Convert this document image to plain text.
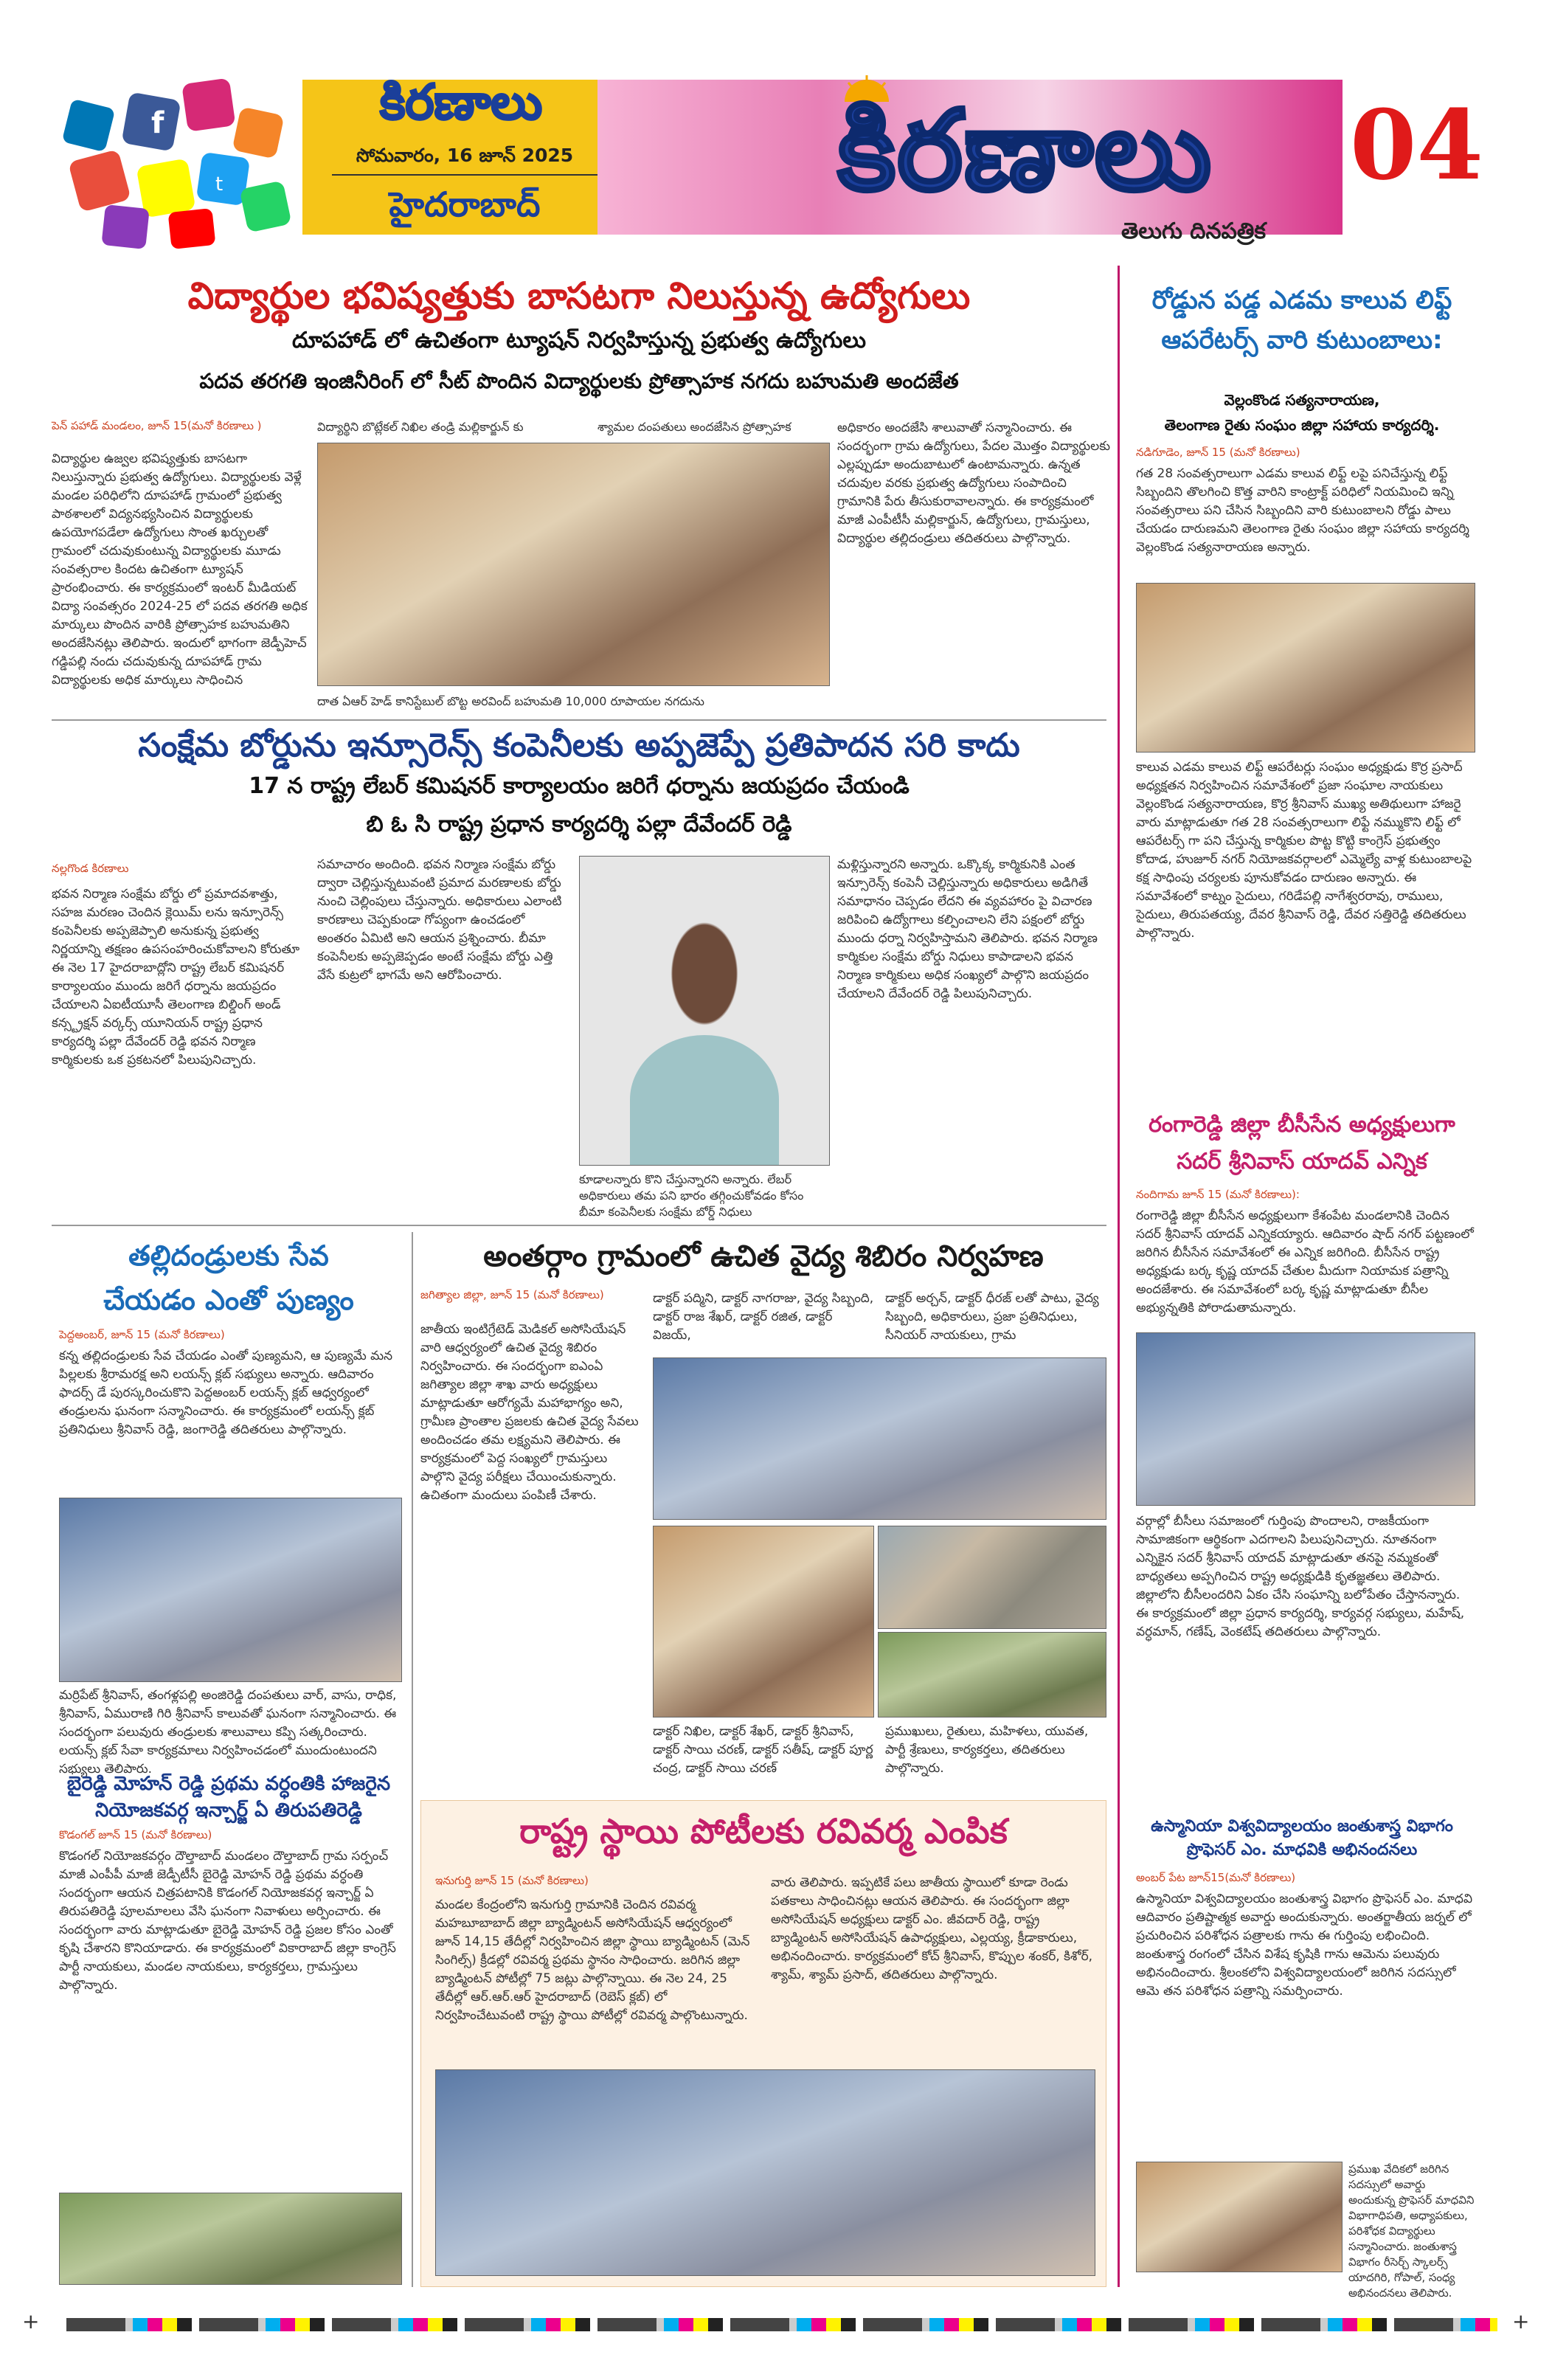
f
t
కిరణాలు
సోమవారం, 16 జూన్ 2025
హైదరాబాద్	కిరణాలు
తెలుగు దినపత్రిక
04
విద్యార్థుల భవిష్యత్తుకు బాసటగా నిలుస్తున్న ఉద్యోగులు
దూపహాడ్ లో ఉచితంగా ట్యూషన్ నిర్వహిస్తున్న ప్రభుత్వ ఉద్యోగులు
పదవ తరగతి ఇంజినీరింగ్ లో సీట్ పొందిన విద్యార్థులకు ప్రోత్సాహక నగదు బహుమతి అందజేత
పెన్ పహాడ్ మండలం, జూన్ 15(మనో కిరణాలు )
విద్యార్థుల ఉజ్వల భవిష్యత్తుకు బాసటగా నిలుస్తున్నారు ప్రభుత్వ ఉద్యోగులు. విద్యార్థులకు వెళ్లే మండల పరిధిలోని దూపహాడ్ గ్రామంలో ప్రభుత్వ పాఠశాలలో విద్యనభ్యసించిన విద్యార్థులకు ఉపయోగపడేలా ఉద్యోగులు సొంత ఖర్చులతో గ్రామంలో చదువుకుంటున్న విద్యార్థులకు మూడు సంవత్సరాల కిందట ఉచితంగా ట్యూషన్ ప్రారంభించారు. ఈ కార్యక్రమంలో ఇంటర్ మీడియట్ విద్యా సంవత్సరం 2024-25 లో పదవ తరగతి అధిక మార్కులు పొందిన వారికి ప్రోత్సాహక బహుమతిని అందజేసినట్లు తెలిపారు. ఇందులో భాగంగా జెడ్పీహెచ్ గడ్డిపల్లి నందు చదువుకున్న దూపహాడ్ గ్రామ విద్యార్థులకు అధిక మార్కులు సాధించిన
విద్యార్థిని బొట్లేకల్ నిఖిల తండ్రి మల్లికార్జున్ కు	శ్యామల దంపతులు అందజేసిన ప్రోత్సాహక
దాత ఏఆర్ హెడ్ కానిస్టేబుల్ బొట్ట అరవింద్ బహుమతి 10,000 రూపాయల నగదును
అధికారం అందజేసి శాలువాతో సన్మానించారు. ఈ సందర్భంగా గ్రామ ఉద్యోగులు, పేదల మొత్తం విద్యార్థులకు ఎల్లప్పుడూ అందుబాటులో ఉంటామన్నారు. ఉన్నత చదువుల వరకు ప్రభుత్వ ఉద్యోగులు సంపాదించి గ్రామానికి పేరు తీసుకురావాలన్నారు. ఈ కార్యక్రమంలో మాజీ ఎంపీటీసీ మల్లికార్జున్, ఉద్యోగులు, గ్రామస్తులు, విద్యార్థుల తల్లిదండ్రులు తదితరులు పాల్గొన్నారు.
సంక్షేమ బోర్డును ఇన్సూరెన్స్ కంపెనీలకు అప్పజెప్పే ప్రతిపాదన సరి కాదు
17 న రాష్ట్ర లేబర్ కమిషనర్ కార్యాలయం జరిగే ధర్నాను జయప్రదం చేయండి
బి ఓ సి రాష్ట్ర ప్రధాన కార్యదర్శి పల్లా దేవేందర్ రెడ్డి
నల్లగొండ కిరణాలు
భవన నిర్మాణ సంక్షేమ బోర్డు లో ప్రమాదవశాత్తు, సహజ మరణం చెందిన క్లెయిమ్ లను ఇన్సూరెన్స్ కంపెనీలకు అప్పజెప్పాలి అనుకున్న ప్రభుత్వ నిర్ణయాన్ని తక్షణం ఉపసంహరించుకోవాలని కోరుతూ ఈ నెల 17 హైదరాబాద్లోని రాష్ట్ర లేబర్ కమిషనర్ కార్యాలయం ముందు జరిగే ధర్నాను జయప్రదం చేయాలని ఏఐటీయూసీ తెలంగాణ బిల్డింగ్ అండ్ కన్స్ట్రక్షన్ వర్కర్స్ యూనియన్ రాష్ట్ర ప్రధాన కార్యదర్శి పల్లా దేవేందర్ రెడ్డి భవన నిర్మాణ కార్మికులకు ఒక ప్రకటనలో పిలుపునిచ్చారు.
సమాచారం అందింది. భవన నిర్మాణ సంక్షేమ బోర్డు ద్వారా చెల్లిస్తున్నటువంటి ప్రమాద మరణాలకు బోర్డు నుంచి చెల్లింపులు చేస్తున్నారు. అధికారులు ఎలాంటి కారణాలు చెప్పకుండా గోప్యంగా ఉంచడంలో అంతరం ఏమిటి అని ఆయన ప్రశ్నించారు. బీమా కంపెనీలకు అప్పజెప్పడం అంటే సంక్షేమ బోర్డు ఎత్తి వేసే కుట్రలో భాగమే అని ఆరోపించారు.
కూడాలన్నారు కొని చేస్తున్నారని అన్నారు. లేబర్ అధికారులు తమ పని భారం తగ్గించుకోవడం కోసం బీమా కంపెనీలకు సంక్షేమ బోర్డ్ నిధులు
మళ్లిస్తున్నారని అన్నారు. ఒక్కొక్క కార్మికునికి ఎంత ఇన్సూరెన్స్ కంపెనీ చెల్లిస్తున్నారు అధికారులు అడిగితే సమాధానం చెప్పడం లేదని ఈ వ్యవహారం పై విచారణ జరిపించి ఉద్యోగాలు కల్పించాలని లేని పక్షంలో బోర్డు ముందు ధర్నా నిర్వహిస్తామని తెలిపారు. భవన నిర్మాణ కార్మికుల సంక్షేమ బోర్డు నిధులు కాపాడాలని భవన నిర్మాణ కార్మికులు అధిక సంఖ్యలో పాల్గొని జయప్రదం చేయాలని దేవేందర్ రెడ్డి పిలుపునిచ్చారు.
తల్లిదండ్రులకు సేవ
చేయడం ఎంతో పుణ్యం
పెద్దఅంబర్, జూన్ 15 (మనో కిరణాలు)
కన్న తల్లిదండ్రులకు సేవ చేయడం ఎంతో పుణ్యమని, ఆ పుణ్యమే మన పిల్లలకు శ్రీరామరక్ష అని లయన్స్ క్లబ్ సభ్యులు అన్నారు. ఆదివారం ఫాదర్స్ డే పురస్కరించుకొని పెద్దఅంబర్ లయన్స్ క్లబ్ ఆధ్వర్యంలో తండ్రులను ఘనంగా సన్మానించారు. ఈ కార్యక్రమంలో లయన్స్ క్లబ్ ప్రతినిధులు శ్రీనివాస్ రెడ్డి, జంగారెడ్డి తదితరులు పాల్గొన్నారు.
మర్రిపేట్ శ్రీనివాస్, తంగళ్లపల్లి అంజిరెడ్డి దంపతులు వార్, వాసు, రాధిక, శ్రీనివాస్, ఏమురాణి గిరి శ్రీనివాస్ కాలువతో ఘనంగా సన్మానించారు. ఈ సందర్భంగా పలువురు తండ్రులకు శాలువాలు కప్పి సత్కరించారు. లయన్స్ క్లబ్ సేవా కార్యక్రమాలు నిర్వహించడంలో ముందుంటుందని సభ్యులు తెలిపారు.
బైరెడ్డి మోహన్ రెడ్డి ప్రథమ వర్ధంతికి హాజరైన నియోజకవర్గ ఇన్చార్జ్ ఏ తిరుపతిరెడ్డి
కొడంగల్ జూన్ 15 (మనో కిరణాలు)
కొడంగల్ నియోజకవర్గం దౌల్తాబాద్ మండలం దౌల్తాబాద్ గ్రామ సర్పంచ్ మాజీ ఎంపీపీ మాజీ జెడ్పీటీసీ బైరెడ్డి మోహన్ రెడ్డి ప్రథమ వర్ధంతి సందర్భంగా ఆయన చిత్రపటానికి కొడంగల్ నియోజకవర్గ ఇన్చార్జ్ ఏ తిరుపతిరెడ్డి పూలమాలలు వేసి ఘనంగా నివాళులు అర్పించారు. ఈ సందర్భంగా వారు మాట్లాడుతూ బైరెడ్డి మోహన్ రెడ్డి ప్రజల కోసం ఎంతో కృషి చేశారని కొనియాడారు. ఈ కార్యక్రమంలో వికారాబాద్ జిల్లా కాంగ్రెస్ పార్టీ నాయకులు, మండల నాయకులు, కార్యకర్తలు, గ్రామస్తులు పాల్గొన్నారు.
అంతర్గాం గ్రామంలో ఉచిత వైద్య శిబిరం నిర్వహణ
జగిత్యాల జిల్లా, జూన్ 15 (మనో కిరణాలు)
జాతీయ ఇంటిగ్రేటెడ్ మెడికల్ అసోసియేషన్ వారి ఆధ్వర్యంలో ఉచిత వైద్య శిబిరం నిర్వహించారు. ఈ సందర్భంగా ఐఎంఏ జగిత్యాల జిల్లా శాఖ వారు అధ్యక్షులు మాట్లాడుతూ ఆరోగ్యమే మహాభాగ్యం అని, గ్రామీణ ప్రాంతాల ప్రజలకు ఉచిత వైద్య సేవలు అందించడం తమ లక్ష్యమని తెలిపారు. ఈ కార్యక్రమంలో పెద్ద సంఖ్యలో గ్రామస్తులు పాల్గొని వైద్య పరీక్షలు చేయించుకున్నారు. ఉచితంగా మందులు పంపిణీ చేశారు.
డాక్టర్ పద్మిని, డాక్టర్ నాగరాజు, వైద్య సిబ్బంది, డాక్టర్ రాజ శేఖర్, డాక్టర్ రజిత, డాక్టర్ విజయ్,
డాక్టర్ అర్చన్, డాక్టర్ ధీరజ్ లతో పాటు, వైద్య సిబ్బంది, అధికారులు, ప్రజా ప్రతినిధులు, సీనియర్ నాయకులు, గ్రామ
డాక్టర్ నిఖిల, డాక్టర్ శేఖర్, డాక్టర్ శ్రీనివాస్, డాక్టర్ సాయి చరణ్, డాక్టర్ సతీష్, డాక్టర్ పూర్ణ చంద్ర, డాక్టర్ సాయి చరణ్
ప్రముఖులు, రైతులు, మహిళలు, యువత, పార్టీ శ్రేణులు, కార్యకర్తలు, తదితరులు పాల్గొన్నారు.
రాష్ట్ర స్థాయి పోటీలకు రవివర్మ ఎంపిక
ఇనుగుర్తి జూన్ 15 (మనో కిరణాలు)
మండల కేంద్రంలోని ఇనుగుర్తి గ్రామానికి చెందిన రవివర్మ మహబూబాబాద్ జిల్లా బ్యాడ్మింటన్ అసోసియేషన్ ఆధ్వర్యంలో జూన్ 14,15 తేదీల్లో నిర్వహించిన జిల్లా స్థాయి బ్యాడ్మింటన్ (మెన్ సింగిల్స్) క్రీడల్లో రవివర్మ ప్రథమ స్థానం సాధించారు. జరిగిన జిల్లా బ్యాడ్మింటన్ పోటీల్లో 75 జట్లు పాల్గొన్నాయి. ఈ నెల 24, 25 తేదీల్లో ఆర్.ఆర్.ఆర్ హైదరాబాద్ (రెబెస్ క్లబ్) లో నిర్వహించేటువంటి రాష్ట్ర స్థాయి పోటీల్లో రవివర్మ పాల్గొంటున్నారు.
వారు తెలిపారు. ఇప్పటికే పలు జాతీయ స్థాయిలో కూడా రెండు పతకాలు సాధించినట్లు ఆయన తెలిపారు. ఈ సందర్భంగా జిల్లా అసోసియేషన్ అధ్యక్షులు డాక్టర్ ఎం. జీవదార్ రెడ్డి, రాష్ట్ర బ్యాడ్మింటన్ అసోసియేషన్ ఉపాధ్యక్షులు, ఎల్లయ్య, క్రీడాకారులు, అభినందించారు. కార్యక్రమంలో కోచ్ శ్రీనివాస్, కొప్పుల శంకర్, కిశోర్, శ్యామ్, శ్యామ్ ప్రసాద్, తదితరులు పాల్గొన్నారు.
రోడ్డున పడ్డ ఎడమ కాలువ లిఫ్ట్ ఆపరేటర్స్ వారి కుటుంబాలు:
వెల్లంకొండ సత్యనారాయణ,
తెలంగాణ రైతు సంఘం జిల్లా సహాయ కార్యదర్శి.
నడిగూడెం, జూన్ 15 (మనో కిరణాలు)
గత 28 సంవత్సరాలుగా ఎడమ కాలువ లిఫ్ట్ లపై పనిచేస్తున్న లిఫ్ట్ సిబ్బందిని తొలగించి కొత్త వారిని కాంట్రాక్ట్ పరిధిలో నియమించి ఇన్ని సంవత్సరాలు పని చేసిన సిబ్బందిని వారి కుటుంబాలని రోడ్డు పాలు చేయడం దారుణమని తెలంగాణ రైతు సంఘం జిల్లా సహాయ కార్యదర్శి వెల్లంకొండ సత్యనారాయణ అన్నారు.
కాలువ ఎడమ కాలువ లిఫ్ట్ ఆపరేటర్లు సంఘం అధ్యక్షుడు కొర్ర ప్రసాద్ అధ్యక్షతన నిర్వహించిన సమావేశంలో ప్రజా సంఘాల నాయకులు వెల్లంకొండ సత్యనారాయణ, కొర్ర శ్రీనివాస్ ముఖ్య అతిథులుగా హాజరై వారు మాట్లాడుతూ గత 28 సంవత్సరాలుగా లిఫ్టే నమ్ముకొని లిఫ్ట్ లో ఆపరేటర్స్ గా పని చేస్తున్న కార్మికుల పొట్ట కొట్టి కాంగ్రెస్ ప్రభుత్వం కోదాడ, హుజూర్ నగర్ నియోజకవర్గాలలో ఎమ్మెల్యే వాళ్ల కుటుంబాలపై కక్ష సాధింపు చర్యలకు పూనుకోవడం దారుణం అన్నారు. ఈ సమావేశంలో కాట్నం సైదులు, గరిడేపల్లి నాగేశ్వరరావు, రాములు, సైదులు, తిరుపతయ్య, దేవర శ్రీనివాస్ రెడ్డి, దేవర సత్తిరెడ్డి తదితరులు పాల్గొన్నారు.
రంగారెడ్డి జిల్లా బీసీసేన అధ్యక్షులుగా సదర్ శ్రీనివాస్ యాదవ్ ఎన్నిక
నందిగామ జూన్ 15 (మనో కిరణాలు):
రంగారెడ్డి జిల్లా బీసీసేన అధ్యక్షులుగా కేశంపేట మండలానికి చెందిన సదర్ శ్రీనివాస్ యాదవ్ ఎన్నికయ్యారు. ఆదివారం షాద్ నగర్ పట్టణంలో జరిగిన బీసీసేన సమావేశంలో ఈ ఎన్నిక జరిగింది. బీసీసేన రాష్ట్ర అధ్యక్షుడు బర్క కృష్ణ యాదవ్ చేతుల మీదుగా నియామక పత్రాన్ని అందజేశారు. ఈ సమావేశంలో బర్క కృష్ణ మాట్లాడుతూ బీసీల అభ్యున్నతికి పోరాడుతామన్నారు.
వర్గాల్లో బీసీలు సమాజంలో గుర్తింపు పొందాలని, రాజకీయంగా సామాజికంగా ఆర్థికంగా ఎదగాలని పిలుపునిచ్చారు. నూతనంగా ఎన్నికైన సదర్ శ్రీనివాస్ యాదవ్ మాట్లాడుతూ తనపై నమ్మకంతో బాధ్యతలు అప్పగించిన రాష్ట్ర అధ్యక్షుడికి కృతజ్ఞతలు తెలిపారు. జిల్లాలోని బీసీలందరిని ఏకం చేసి సంఘాన్ని బలోపేతం చేస్తానన్నారు. ఈ కార్యక్రమంలో జిల్లా ప్రధాన కార్యదర్శి, కార్యవర్గ సభ్యులు, మహేష్, వర్ధమాన్, గణేష్, వెంకటేష్ తదితరులు పాల్గొన్నారు.
ఉస్మానియా విశ్వవిద్యాలయం జంతుశాస్త్ర విభాగం ప్రొఫెసర్ ఎం. మాధవికి అభినందనలు
అంబర్ పేట జూన్15(మనో కిరణాలు)
ఉస్మానియా విశ్వవిద్యాలయం జంతుశాస్త్ర విభాగం ప్రొఫెసర్ ఎం. మాధవి ఆదివారం ప్రతిష్టాత్మక అవార్డు అందుకున్నారు. అంతర్జాతీయ జర్నల్ లో ప్రచురించిన పరిశోధన పత్రాలకు గాను ఈ గుర్తింపు లభించింది. జంతుశాస్త్ర రంగంలో చేసిన విశేష కృషికి గాను ఆమెను పలువురు అభినందించారు. శ్రీలంకలోని విశ్వవిద్యాలయంలో జరిగిన సదస్సులో ఆమె తన పరిశోధన పత్రాన్ని సమర్పించారు.
ప్రముఖ వేదికలో జరిగిన సదస్సులో అవార్డు అందుకున్న ప్రొఫెసర్ మాధవిని విభాగాధిపతి, అధ్యాపకులు, పరిశోధక విద్యార్థులు సన్మానించారు. జంతుశాస్త్ర విభాగం రీసెర్చ్ స్కాలర్స్ యాదగిరి, గోపాల్, సంధ్య అభినందనలు తెలిపారు.
+	+
